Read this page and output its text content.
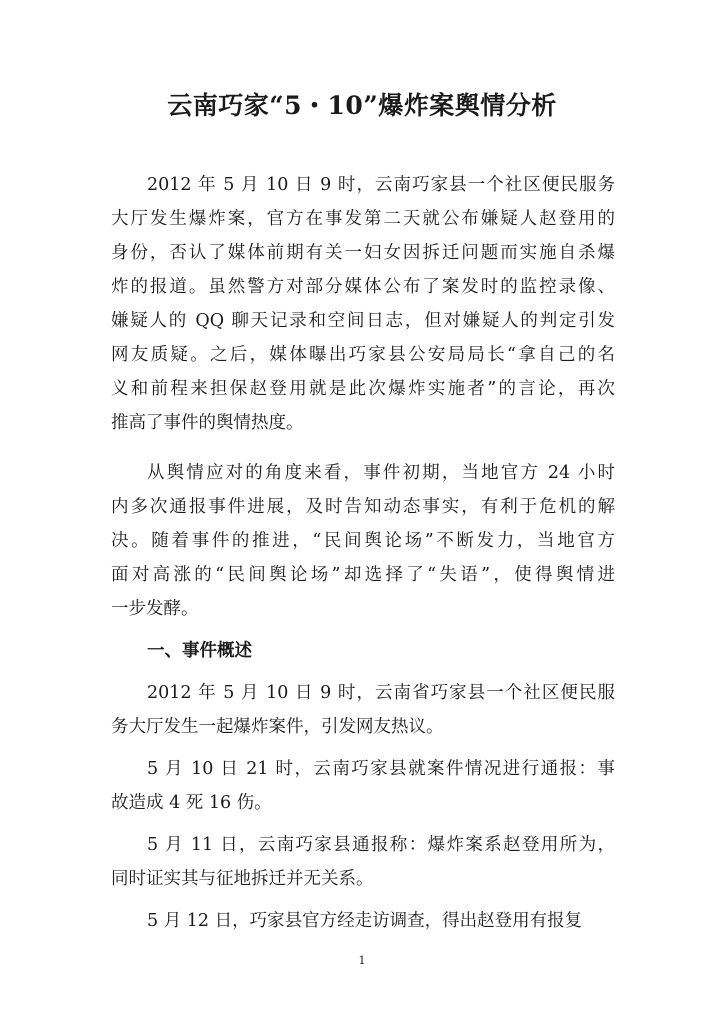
云南巧家“5・10”爆炸案舆情分析
2012 年 5 月 10 日 9 时，云南巧家县一个社区便民服务
大厅发生爆炸案，官方在事发第二天就公布嫌疑人赵登用的
身份，否认了媒体前期有关一妇女因拆迁问题而实施自杀爆
炸的报道。虽然警方对部分媒体公布了案发时的监控录像、
嫌疑人的 QQ 聊天记录和空间日志，但对嫌疑人的判定引发
网友质疑。之后，媒体曝出巧家县公安局局长“拿自己的名
义和前程来担保赵登用就是此次爆炸实施者”的言论，再次
推高了事件的舆情热度。
从舆情应对的角度来看，事件初期，当地官方 24 小时
内多次通报事件进展，及时告知动态事实，有利于危机的解
决。随着事件的推进，“民间舆论场”不断发力，当地官方
面对高涨的“民间舆论场”却选择了“失语”，使得舆情进
一步发酵。
一、事件概述
2012 年 5 月 10 日 9 时，云南省巧家县一个社区便民服
务大厅发生一起爆炸案件，引发网友热议。
5 月 10 日 21 时，云南巧家县就案件情况进行通报：事
故造成 4 死 16 伤。
5 月 11 日，云南巧家县通报称：爆炸案系赵登用所为，
同时证实其与征地拆迁并无关系。
5 月 12 日，巧家县官方经走访调查，得出赵登用有报复
1
